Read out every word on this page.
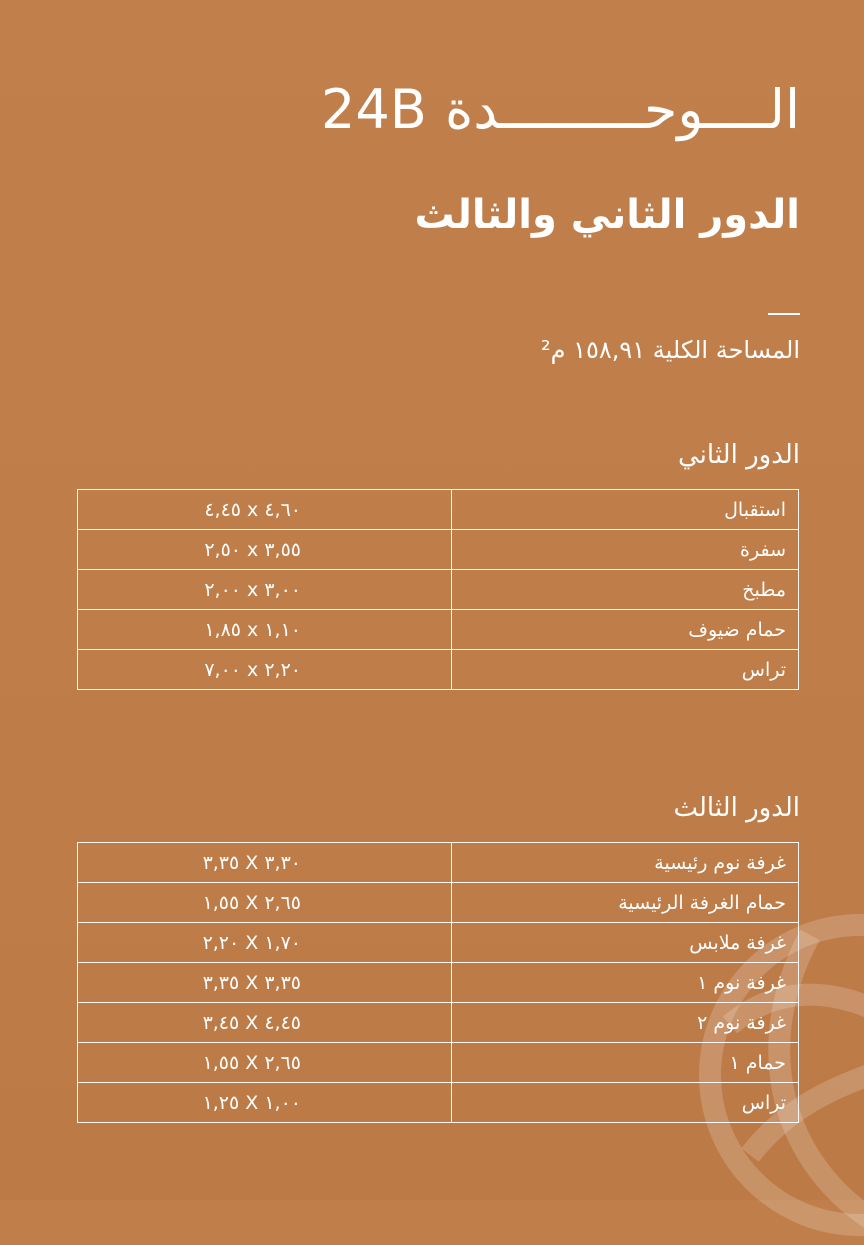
الــــوحـــــــــدة 24B
الدور الثاني والثالث
المساحة الكلية ١٥٨,٩١ م²
الدور الثاني
استقبال	٤,٦٠ x ٤,٤٥
سفرة	٣,٥٥ x ٢,٥٠
مطبخ	٣,٠٠ x ٢,٠٠
حمام ضيوف	١,١٠ x ١,٨٥
تراس	٢,٢٠ x ٧,٠٠
الدور الثالث
غرفة نوم رئيسية	٣,٣٠ X ٣,٣٥
حمام الغرفة الرئيسية	٢,٦٥ X ١,٥٥
غرفة ملابس	١,٧٠ X ٢,٢٠
غرفة نوم ١	٣,٣٥ X ٣,٣٥
غرفة نوم ٢	٤,٤٥ X ٣,٤٥
حمام ١	٢,٦٥ X ١,٥٥
تراس	١,٠٠ X ١,٢٥
